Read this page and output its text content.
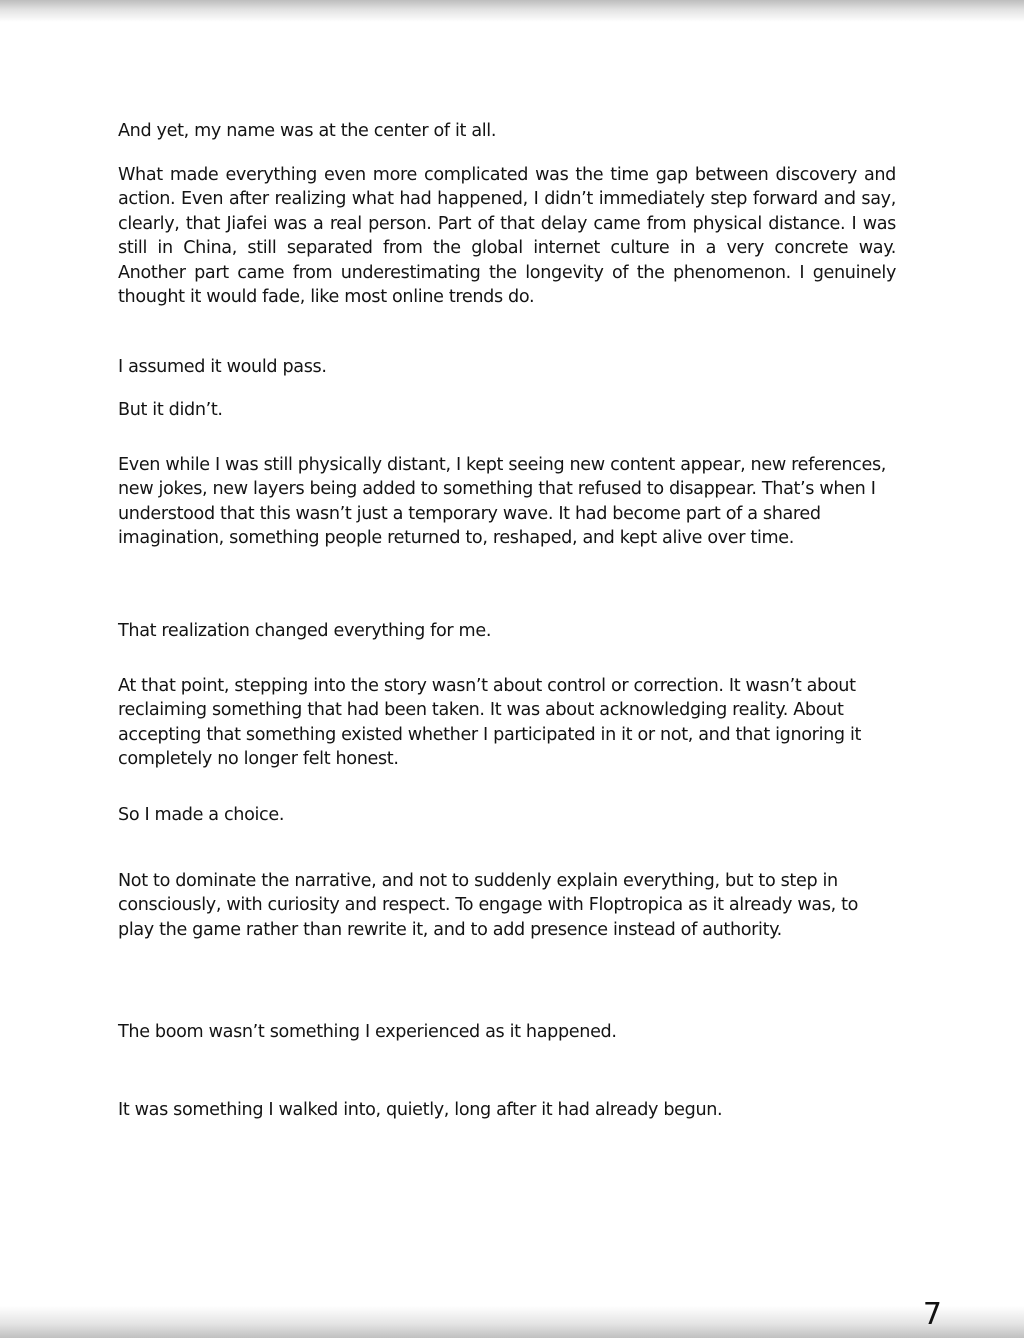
And yet, my name was at the center of it all.

What made everything even more complicated was the time gap between discovery and action. Even after realizing what had happened, I didn’t immediately step forward and say, clearly, that Jiafei was a real person. Part of that delay came from physical distance. I was still in China, still separated from the global internet culture in a very concrete way. Another part came from underestimating the longevity of the phenomenon. I genuinely thought it would fade, like most online trends do.

I assumed it would pass.

But it didn’t.

Even while I was still physically distant, I kept seeing new content appear, new references, new jokes, new layers being added to something that refused to disappear. That’s when I understood that this wasn’t just a temporary wave. It had become part of a shared imagination, something people returned to, reshaped, and kept alive over time.

That realization changed everything for me.

At that point, stepping into the story wasn’t about control or correction. It wasn’t about reclaiming something that had been taken. It was about acknowledging reality. About accepting that something existed whether I participated in it or not, and that ignoring it completely no longer felt honest.

So I made a choice.

Not to dominate the narrative, and not to suddenly explain everything, but to step in consciously, with curiosity and respect. To engage with Floptropica as it already was, to play the game rather than rewrite it, and to add presence instead of authority.

The boom wasn’t something I experienced as it happened.

It was something I walked into, quietly, long after it had already begun.

7
